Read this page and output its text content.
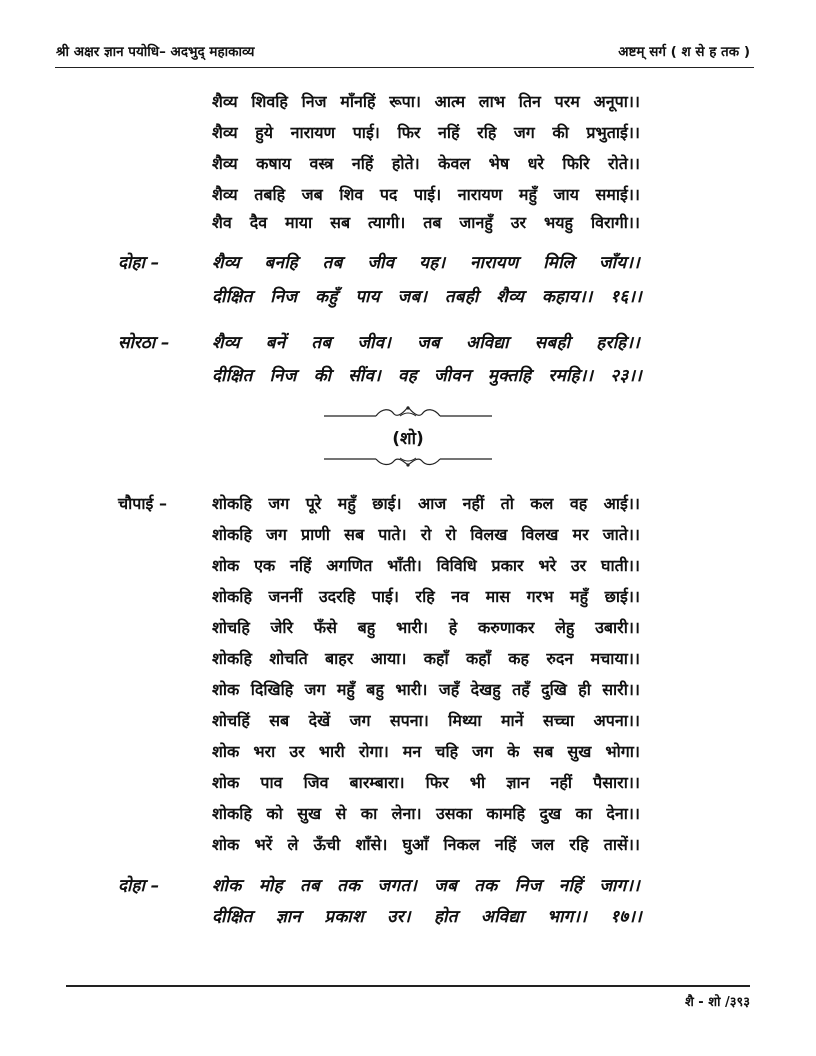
श्री अक्षर ज्ञान पयोधि– अदभुद् महाकाव्य	अष्टम् सर्ग ( श से ह तक )
शैव्य शिवहि निज माँनहिं रूपा। आत्म लाभ तिन परम अनूपा।।
शैव्य हुये नारायण पाई। फिर नहिं रहि जग की प्रभुताई।।
शैव्य कषाय वस्त्र नहिं होते। केवल भेष धरे फिरि रोते।।
शैव्य तबहि जब शिव पद पाई। नारायण महुँ जाय समाई।।
शैव दैव माया सब त्यागी। तब जानहुँ उर भयहु विरागी।।
दोहा –	शैव्य बनहि तब जीव यह। नारायण मिलि जाँय।।
दीक्षित निज कहुँ पाय जब। तबही शैव्य कहाय।। १६।।
सोरठा – शैव्य बनें तब जीव। जब अविद्या सबही हरहि।।
दीक्षित निज की सींव। वह जीवन मुक्तहि रमहि।। २३।।
(शो)
चौपाई –	शोकहि जग पूरे महुँ छाई। आज नहीं तो कल वह आई।।
शोकहि जग प्राणी सब पाते। रो रो विलख विलख मर जाते।।
शोक एक नहिं अगणित भाँती। विविधि प्रकार भरे उर घाती।।
शोकहि जननीं उदरहि पाई। रहि नव मास गरभ महुँ छाई।।
शोचहि जेरि फँसे बहु भारी। हे करुणाकर लेहु उबारी।।
शोकहि शोचति बाहर आया। कहाँ कहाँ कह रुदन मचाया।।
शोक दिखिहि जग महुँ बहु भारी। जहँ देखहु तहँ दुखि ही सारी।।
शोचहिं सब देखें जग सपना। मिथ्या मानें सच्चा अपना।।
शोक भरा उर भारी रोगा। मन चहि जग के सब सुख भोगा।
शोक पाव जिव बारम्बारा। फिर भी ज्ञान नहीं पैसारा।।
शोकहि को सुख से का लेना। उसका कामहि दुख का देना।।
शोक भरें ले ऊँची शाँसे। घुआँ निकल नहिं जल रहि तासें।।
दोहा –	शोक मोह तब तक जगत। जब तक निज नहिं जाग।।
दीक्षित ज्ञान प्रकाश उर। होत अविद्या भाग।। १७।।
शै - शो /३९३
